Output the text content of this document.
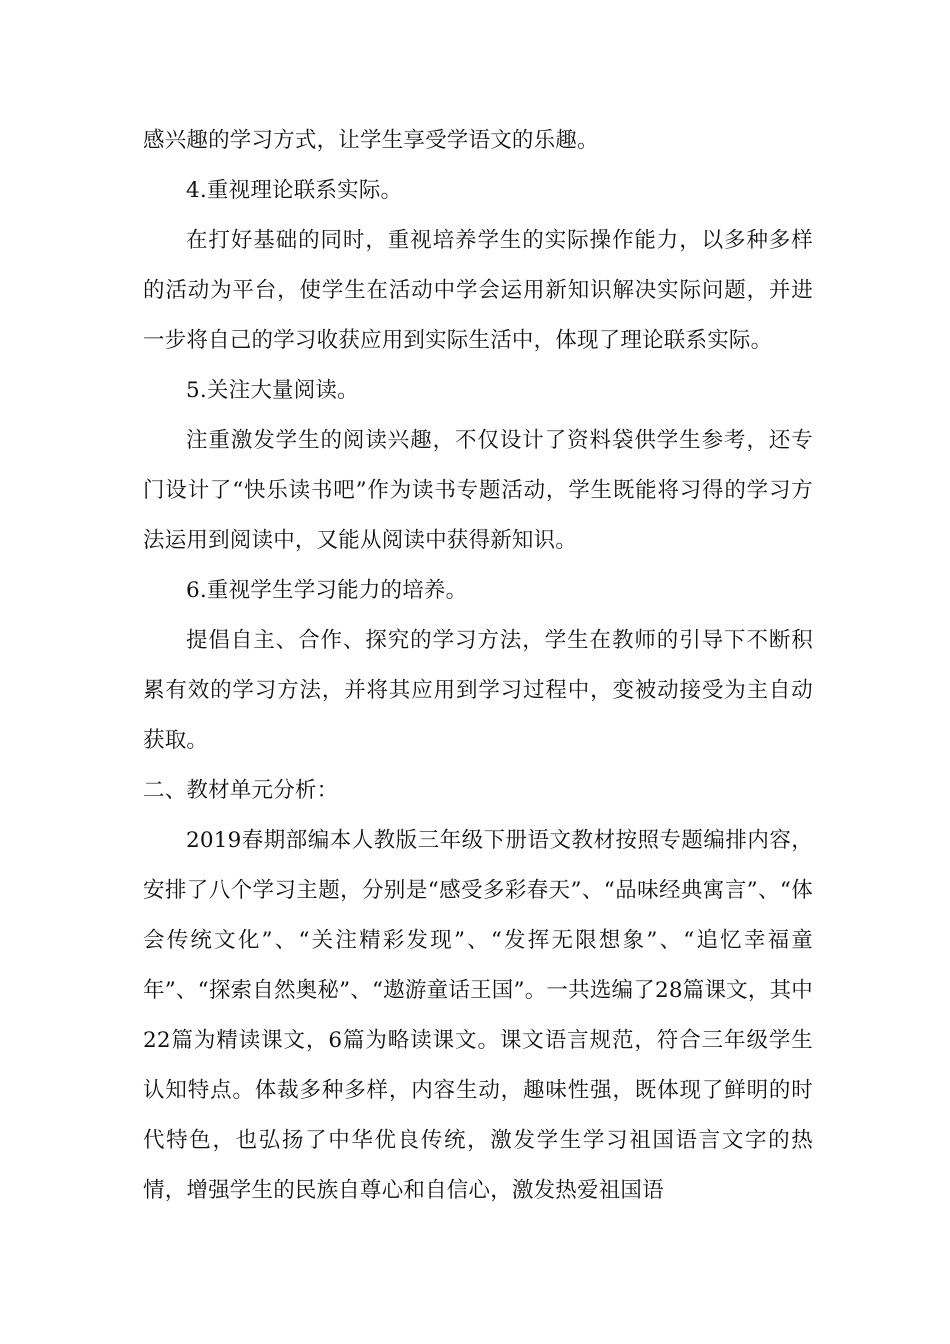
感兴趣的学习方式，让学生享受学语文的乐趣。

4.重视理论联系实际。

在打好基础的同时，重视培养学生的实际操作能力，以多种多样的活动为平台，使学生在活动中学会运用新知识解决实际问题，并进一步将自己的学习收获应用到实际生活中，体现了理论联系实际。

5.关注大量阅读。

注重激发学生的阅读兴趣，不仅设计了资料袋供学生参考，还专门设计了“快乐读书吧”作为读书专题活动，学生既能将习得的学习方法运用到阅读中，又能从阅读中获得新知识。

6.重视学生学习能力的培养。

提倡自主、合作、探究的学习方法，学生在教师的引导下不断积累有效的学习方法，并将其应用到学习过程中，变被动接受为主自动获取。

二、教材单元分析：

2019春期部编本人教版三年级下册语文教材按照专题编排内容，安排了八个学习主题，分别是“感受多彩春天”、“品味经典寓言”、“体会传统文化”、“关注精彩发现”、“发挥无限想象”、“追忆幸福童年”、“探索自然奥秘”、“遨游童话王国”。一共选编了28篇课文，其中22篇为精读课文，6篇为略读课文。课文语言规范，符合三年级学生认知特点。体裁多种多样，内容生动，趣味性强，既体现了鲜明的时代特色，也弘扬了中华优良传统，激发学生学习祖国语言文字的热情，增强学生的民族自尊心和自信心，激发热爱祖国语
